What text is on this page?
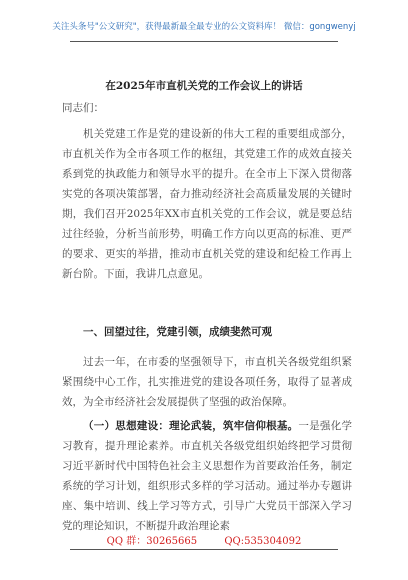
关注头条号"公文研究"，获得最新最全最专业的公文资料库！ 微信：gongwenyj
在2025年市直机关党的工作会议上的讲话
同志们：

机关党建工作是党的建设新的伟大工程的重要组成部分，市直机关作为全市各项工作的枢纽，其党建工作的成效直接关系到党的执政能力和领导水平的提升。在全市上下深入贯彻落实党的各项决策部署，奋力推动经济社会高质量发展的关键时期，我们召开2025年XX市直机关党的工作会议，就是要总结过往经验，分析当前形势，明确工作方向以更高的标准、更严的要求、更实的举措，推动市直机关党的建设和纪检工作再上新台阶。下面，我讲几点意见。

一、回望过往，党建引领，成绩斐然可观

过去一年，在市委的坚强领导下，市直机关各级党组织紧紧围绕中心工作，扎实推进党的建设各项任务，取得了显著成效，为全市经济社会发展提供了坚强的政治保障。

（一）思想建设：理论武装，筑牢信仰根基。一是强化学习教育，提升理论素养。市直机关各级党组织始终把学习贯彻习近平新时代中国特色社会主义思想作为首要政治任务，制定系统的学习计划，组织形式多样的学习活动。通过举办专题讲座、集中培训、线上学习等方式，引导广大党员干部深入学习党的理论知识，不断提升政治理论素

QQ 群：30265665	QQ:535304092
